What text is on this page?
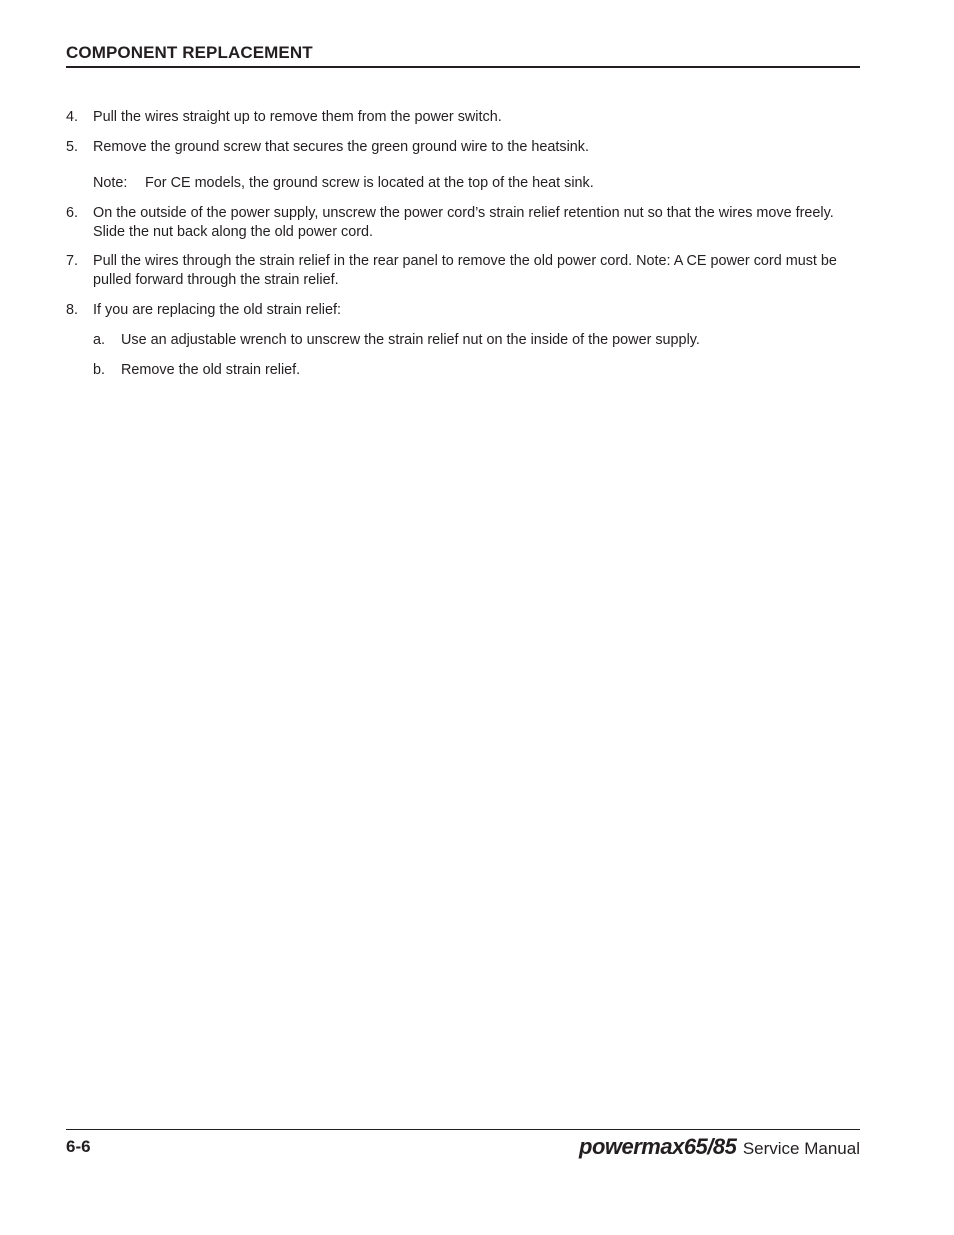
COMPONENT REPLACEMENT
4. Pull the wires straight up to remove them from the power switch.
5. Remove the ground screw that secures the green ground wire to the heatsink.
Note: For CE models, the ground screw is located at the top of the heat sink.
6. On the outside of the power supply, unscrew the power cord’s strain relief retention nut so that the wires move freely. Slide the nut back along the old power cord.
7. Pull the wires through the strain relief in the rear panel to remove the old power cord. Note: A CE power cord must be pulled forward through the strain relief.
8. If you are replacing the old strain relief:
a. Use an adjustable wrench to unscrew the strain relief nut on the inside of the power supply.
b. Remove the old strain relief.
6-6	powermax65/85 Service Manual
